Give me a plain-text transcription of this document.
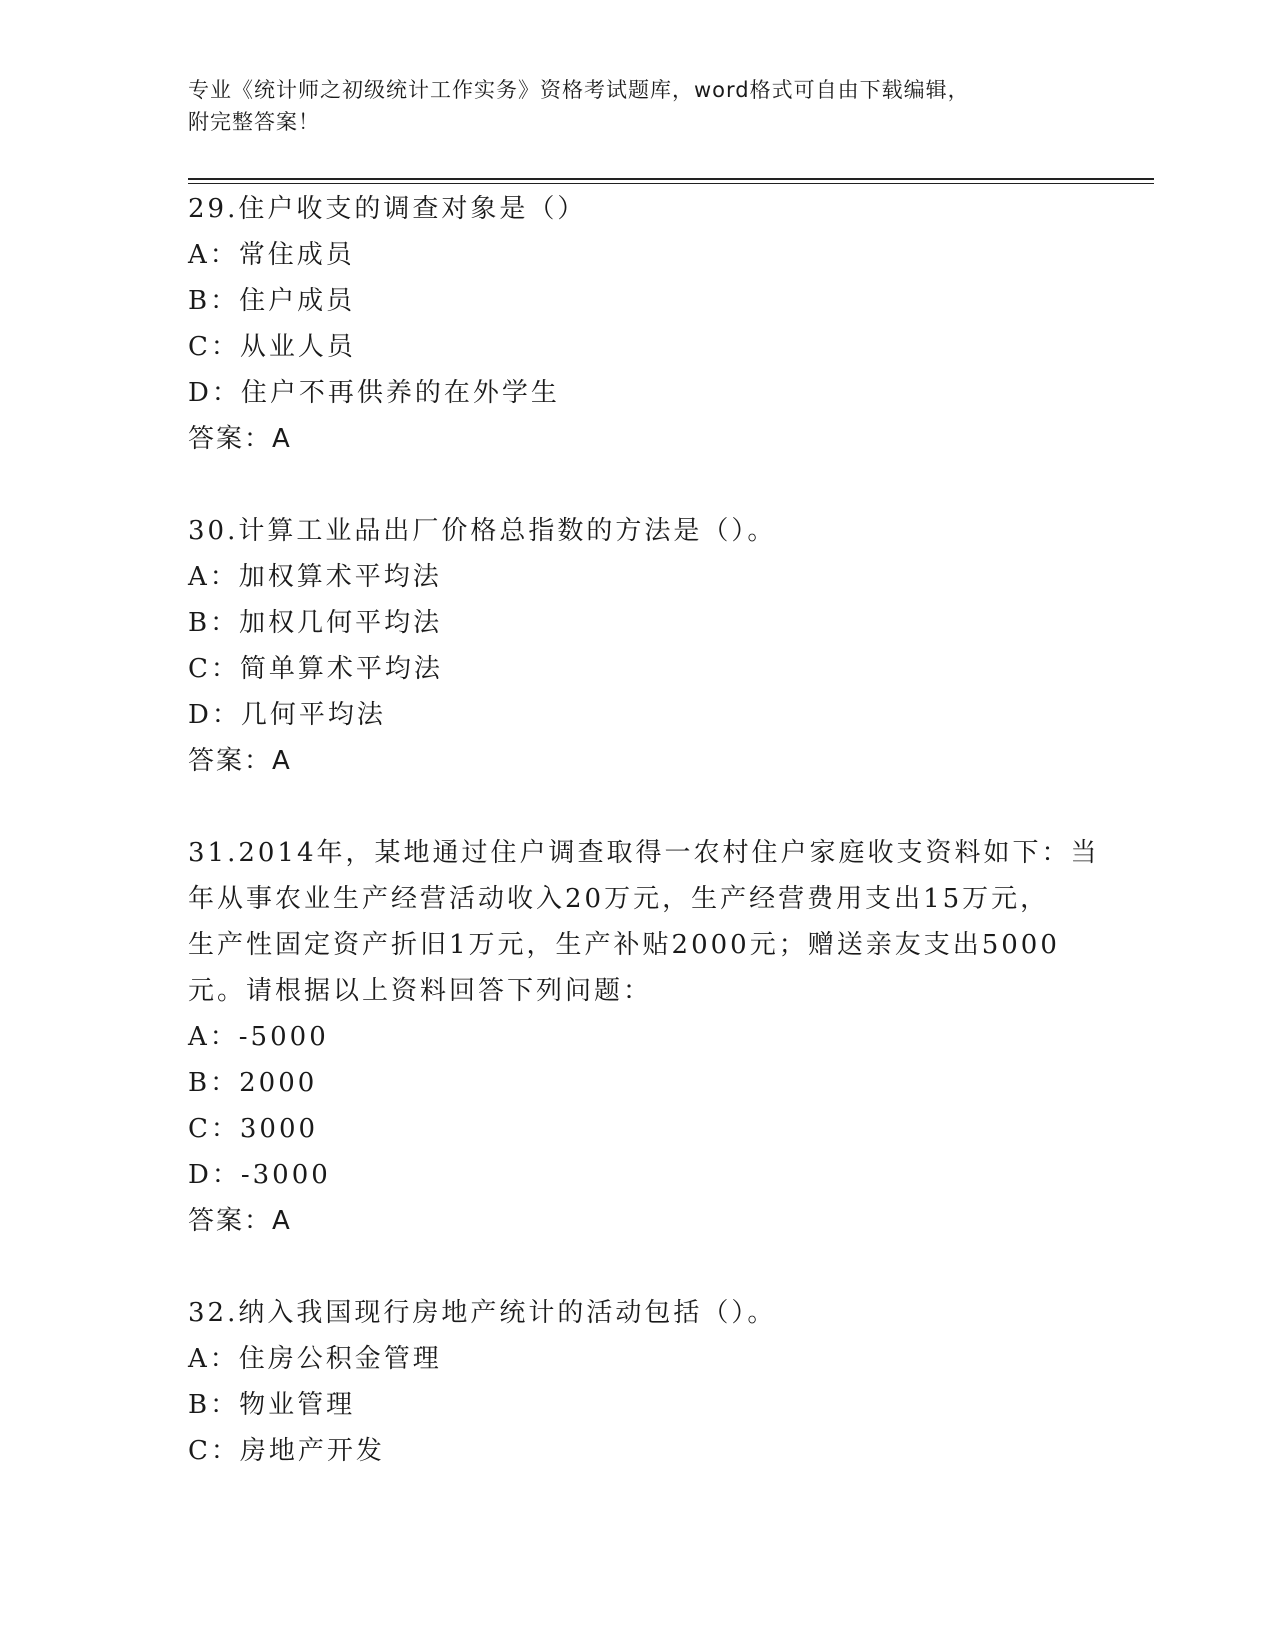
专业《统计师之初级统计工作实务》资格考试题库，word格式可自由下载编辑，
附完整答案！
29.住户收支的调查对象是（）
A：常住成员
B：住户成员
C：从业人员
D：住户不再供养的在外学生
答案：A
30.计算工业品出厂价格总指数的方法是（）。
A：加权算术平均法
B：加权几何平均法
C：简单算术平均法
D：几何平均法
答案：A
31.2014年，某地通过住户调查取得一农村住户家庭收支资料如下：当
年从事农业生产经营活动收入20万元，生产经营费用支出15万元，
生产性固定资产折旧1万元，生产补贴2000元；赠送亲友支出5000
元。请根据以上资料回答下列问题：
A：-5000
B：2000
C：3000
D：-3000
答案：A
32.纳入我国现行房地产统计的活动包括（）。
A：住房公积金管理
B：物业管理
C：房地产开发
